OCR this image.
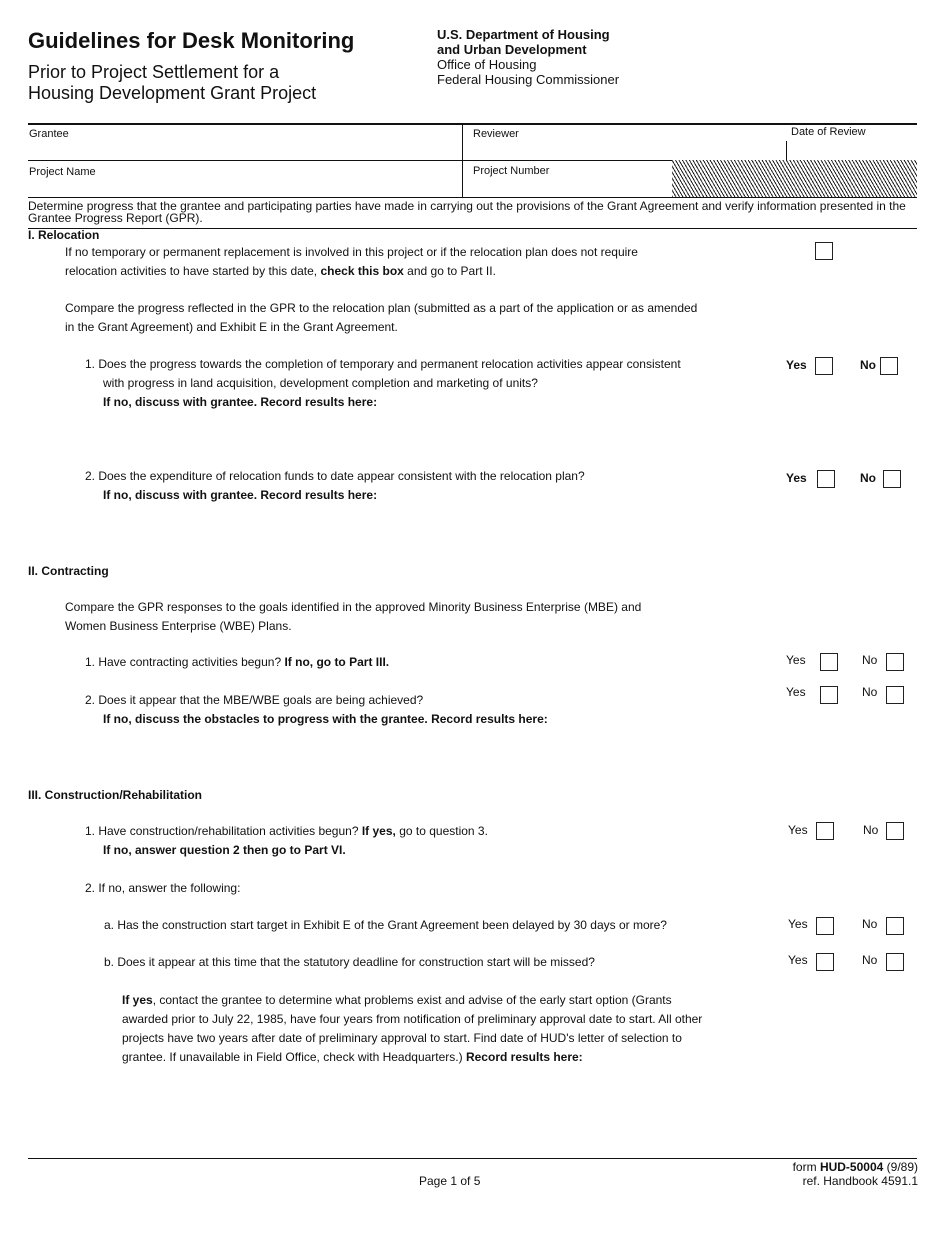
Guidelines for Desk Monitoring
Prior to Project Settlement for a
Housing Development Grant Project
U.S. Department of Housing
and Urban Development
Office of Housing
Federal Housing Commissioner
Grantee	Reviewer	Date of Review
Project Name	Project Number
Determine progress that the grantee and participating parties have made in carrying out the provisions of the Grant Agreement and verify information presented in the Grantee Progress Report (GPR).
I. Relocation
If no temporary or permanent replacement is involved in this project or if the relocation plan does not require
relocation activities to have started by this date, check this box and go to Part II.
Compare the progress reflected in the GPR to the relocation plan (submitted as a part of the application or as amended
in the Grant Agreement) and Exhibit E in the Grant Agreement.
1. Does the progress towards the completion of temporary and permanent relocation activities appear consistent
with progress in land acquisition, development completion and marketing of units?
If no, discuss with grantee. Record results here:
Yes	No
2. Does the expenditure of relocation funds to date appear consistent with the relocation plan?
If no, discuss with grantee. Record results here:
Yes	No
II. Contracting
Compare the GPR responses to the goals identified in the approved Minority Business Enterprise (MBE) and
Women Business Enterprise (WBE) Plans.
1. Have contracting activities begun? If no, go to Part III.	Yes	No
2. Does it appear that the MBE/WBE goals are being achieved?
If no, discuss the obstacles to progress with the grantee. Record results here:
Yes	No
III. Construction/Rehabilitation
1. Have construction/rehabilitation activities begun? If yes, go to question 3.
If no, answer question 2 then go to Part VI.
Yes	No
2. If no, answer the following:
a. Has the construction start target in Exhibit E of the Grant Agreement been delayed by 30 days or more?	Yes	No
b. Does it appear at this time that the statutory deadline for construction start will be missed?	Yes	No
If yes, contact the grantee to determine what problems exist and advise of the early start option (Grants
awarded prior to July 22, 1985, have four years from notification of preliminary approval date to start. All other
projects have two years after date of preliminary approval to start. Find date of HUD's letter of selection to
grantee. If unavailable in Field Office, check with Headquarters.) Record results here:
Page 1 of 5
form HUD-50004 (9/89)
ref. Handbook 4591.1
